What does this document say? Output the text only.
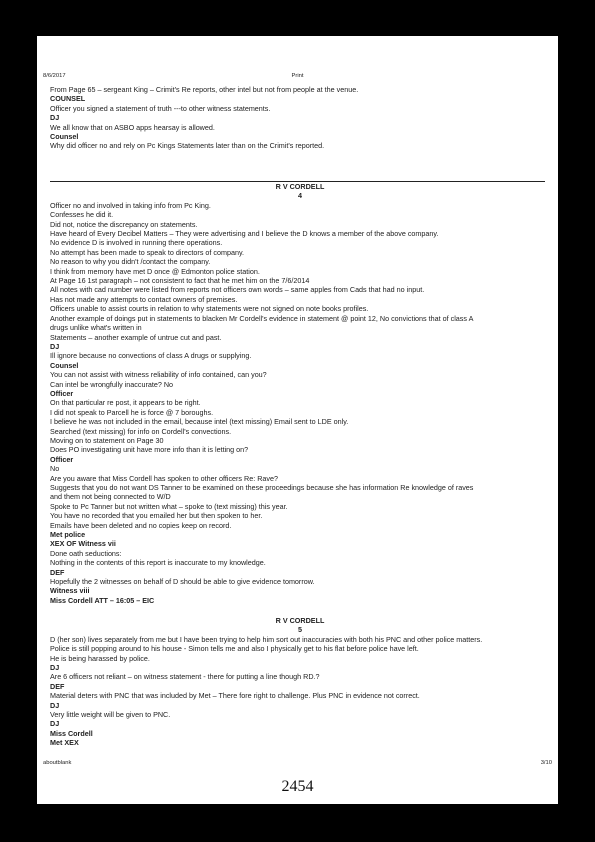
8/6/2017	Print
From Page 65 – sergeant King – Crimit's Re reports, other intel but not from people at the venue.
COUNSEL
Officer you signed a statement of truth ---to other witness statements.
DJ
We all know that on ASBO apps hearsay is allowed.
Counsel
Why did officer no and rely on Pc Kings Statements later than on the Crimit's reported.
R V CORDELL
4
Officer no and involved in taking info from Pc King.
Confesses he did it.
Did not, notice the discrepancy on statements.
Have heard of Every Decibel Matters – They were advertising and I believe the D knows a member of the above company.
No evidence D is involved in running there operations.
No attempt has been made to speak to directors of company.
No reason to why you didn't /contact the company.
I think from memory have met D once @ Edmonton police station.
At Page 16 1st paragraph – not consistent to fact that he met him on the 7/6/2014
All notes with cad number were listed from reports not officers own words – same apples from Cads that had no input.
Has not made any attempts to contact owners of premises.
Officers unable to assist courts in relation to why statements were not signed on note books profiles.
Another example of doings put in statements to blacken Mr Cordell's evidence in statement @ point 12, No convictions that of class A
drugs unlike what's written in
Statements – another example of untrue cut and past.
DJ
Ill ignore because no convections of class A drugs or supplying.
Counsel
You can not assist with witness reliability of info contained, can you?
Can intel be wrongfully inaccurate? No
Officer
On that particular re post, it appears to be right.
I did not speak to Parcell he is force @ 7 boroughs.
I believe he was not included in the email, because intel (text missing) Email sent to LDE only.
Searched (text missing) for info on Cordell's convections.
Moving on to statement on Page 30
Does PO investigating unit have more info than it is letting on?
Officer
No
Are you aware that Miss Cordell has spoken to other officers Re: Rave?
Suggests that you do not want DS Tanner to be examined on these proceedings because she has information Re knowledge of raves
and them not being connected to W/D
Spoke to Pc Tanner but not written what – spoke to (text missing) this year.
You have no recorded that you emailed her but then spoken to her.
Emails have been deleted and no copies keep on record.
Met police
XEX OF Witness vii
Done oath seductions:
Nothing in the contents of this report is inaccurate to my knowledge.
DEF
Hopefully the 2 witnesses on behalf of D should be able to give evidence tomorrow.
Witness viii
Miss Cordell ATT – 16:05 – EIC
R V CORDELL
5
D (her son) lives separately from me but I have been trying to help him sort out inaccuracies with both his PNC and other police matters.
Police is still popping around to his house - Simon tells me and also I physically get to his flat before police have left.
He is being harassed by police.
DJ
Are 6 officers not reliant – on witness statement - there for putting a line though RD.?
DEF
Material deters with PNC that was included by Met – There fore right to challenge. Plus PNC in evidence not correct.
DJ
Very little weight will be given to PNC.
DJ
Miss Cordell
Met XEX
aboutblank	3/10
2454
